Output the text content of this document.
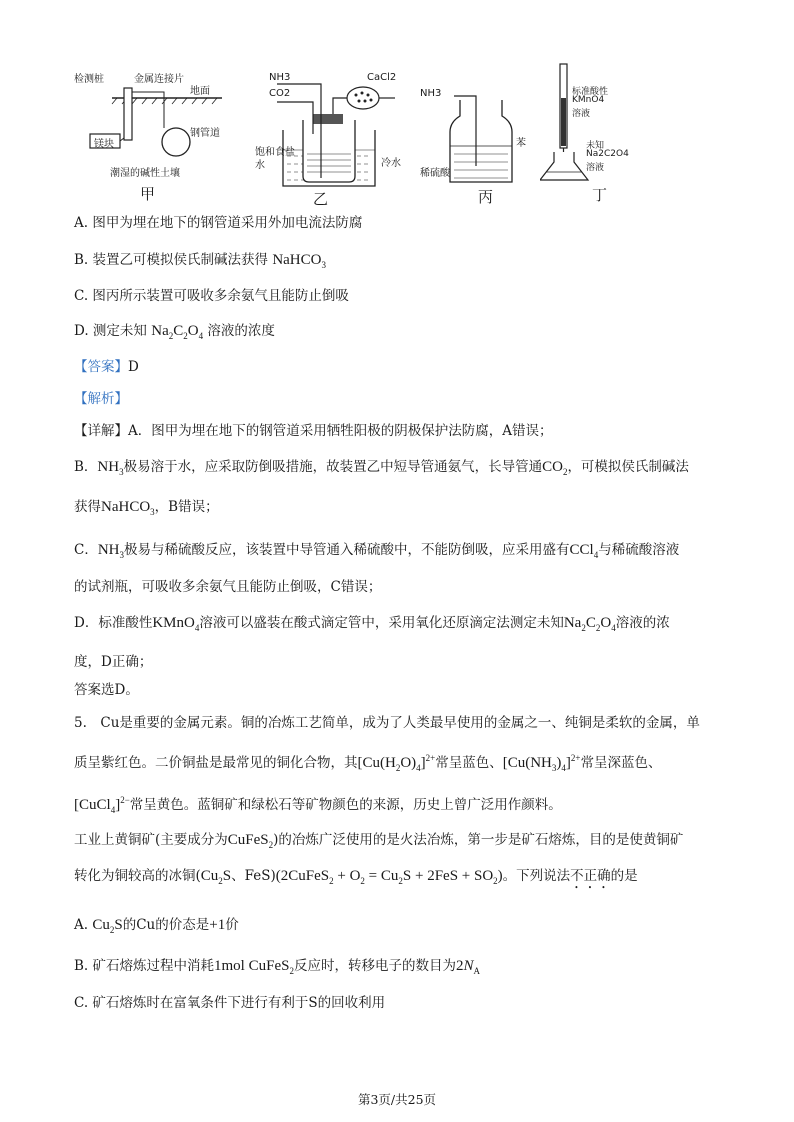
检测桩	金属连接片
地面
镁块
钢管道
潮湿的碱性土壤
甲
NH3
CO2
CaCl2
饱和食盐水	冷水
乙
NH3
苯
稀硫酸
丙
标准酸性
KMnO4
溶液
未知
Na2C2O4
溶液
丁
A. 图甲为埋在地下的钢管道采用外加电流法防腐
B. 装置乙可模拟侯氏制碱法获得 NaHCO$_3$
C. 图丙所示装置可吸收多余氨气且能防止倒吸
D. 测定未知 $Na_2C_2O_4$ 溶液的浓度
【答案】D
【解析】
【详解】A．图甲为埋在地下的钢管道采用牺牲阳极的阴极保护法防腐，A错误；
B．$NH_3$极易溶于水，应采取防倒吸措施，故装置乙中短导管通氨气，长导管通$CO_2$，可模拟侯氏制碱法
获得NaHCO$_3$，B错误；
C．$NH_3$极易与稀硫酸反应，该装置中导管通入稀硫酸中，不能防倒吸，应采用盛有CCl$_4$与稀硫酸溶液
的试剂瓶，可吸收多余氨气且能防止倒吸，C错误；
D．标准酸性KMnO$_4$溶液可以盛装在酸式滴定管中，采用氧化还原滴定法测定未知$Na_2C_2O_4$溶液的浓
度，D正确；
答案选D。
5.　Cu是重要的金属元素。铜的冶炼工艺简单，成为了人类最早使用的金属之一、纯铜是柔软的金属，单
质呈紫红色。二价铜盐是最常见的铜化合物，其$[Cu(H_2O)_4]^{2+}$常呈蓝色、$[Cu(NH_3)_4]^{2+}$常呈深蓝色、
[CuCl$_4$]$^{2-}$常呈黄色。蓝铜矿和绿松石等矿物颜色的来源，历史上曾广泛用作颜料。
工业上黄铜矿(主要成分为CuFeS$_2$)的冶炼广泛使用的是火法冶炼，第一步是矿石熔炼，目的是使黄铜矿
转化为铜较高的冰铜($Cu_2S$、FeS)(2CuFeS$_2$ + $O_2 = Cu_2S + 2FeS + SO_2$)。下列说法不正确的是
A. $Cu_2S$的Cu的价态是+1价
B. 矿石熔炼过程中消耗1mol CuFeS$_2$反应时，转移电子的数目为$2N_A$
C. 矿石熔炼时在富氧条件下进行有利于S的回收利用
第3页/共25页
